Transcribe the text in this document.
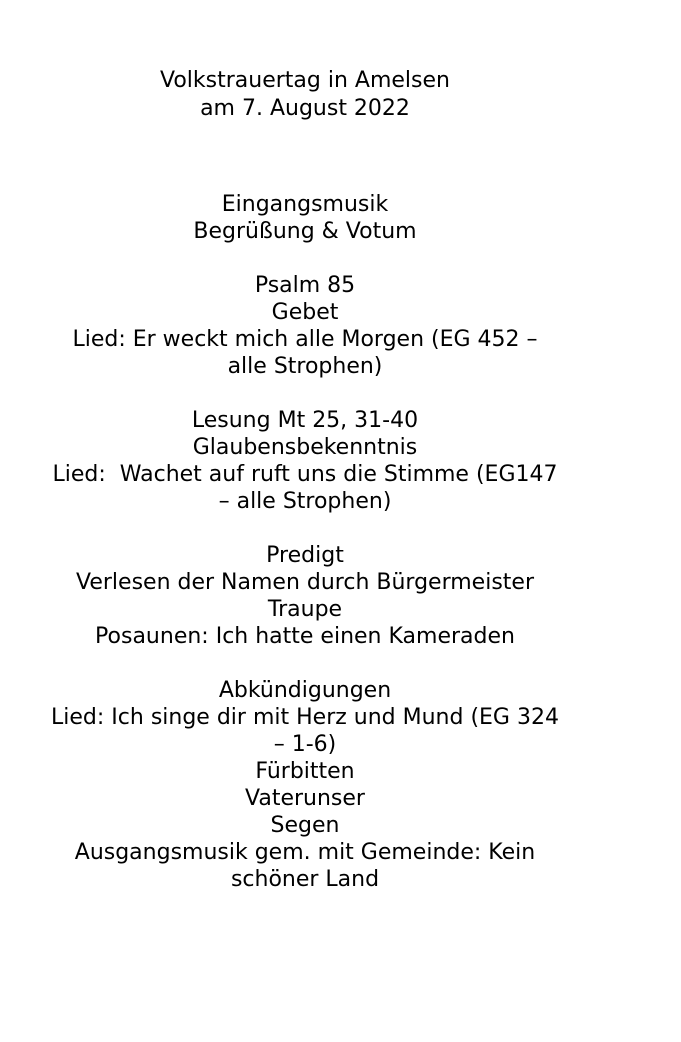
Volkstrauertag in Amelsen
am 7. August 2022
Eingangsmusik
Begrüßung & Votum
Psalm 85
Gebet
Lied: Er weckt mich alle Morgen (EG 452 –
alle Strophen)
Lesung Mt 25, 31-40
Glaubensbekenntnis
Lied:  Wachet auf ruft uns die Stimme (EG147
– alle Strophen)
Predigt
Verlesen der Namen durch Bürgermeister
Traupe
Posaunen: Ich hatte einen Kameraden
Abkündigungen
Lied: Ich singe dir mit Herz und Mund (EG 324
– 1-6)
Fürbitten
Vaterunser
Segen
Ausgangsmusik gem. mit Gemeinde: Kein
schöner Land
